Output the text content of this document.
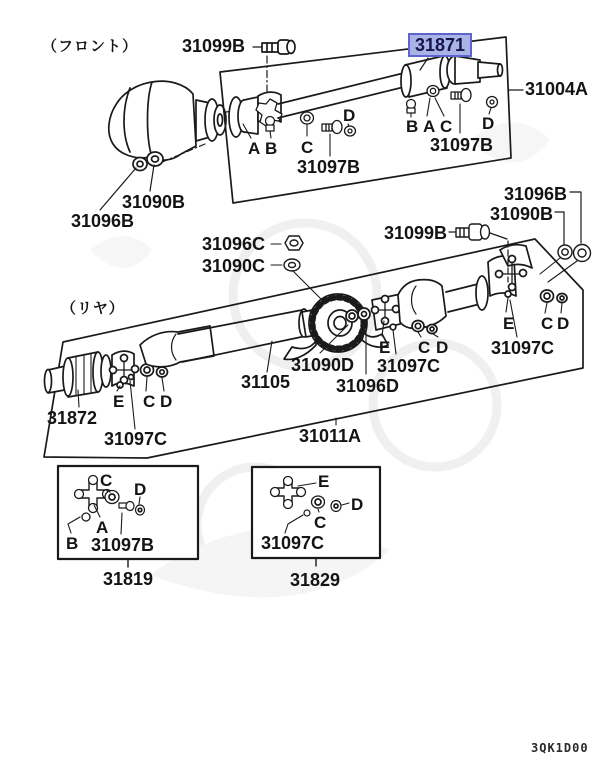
（フロント） 31099B	31871
31004A
A B C
D
31097B
B A C D
31097B
31090B
31096B
31096B
31090B
31099B
31096C
31090C
（リヤ）
31872
E C D
31097C
31105
31090D
31096D
E C D
31097C
E C D
31097C
31011A
C D
A
B 31097B
31819
E
D
C
31097C
31829
3QK1D00
